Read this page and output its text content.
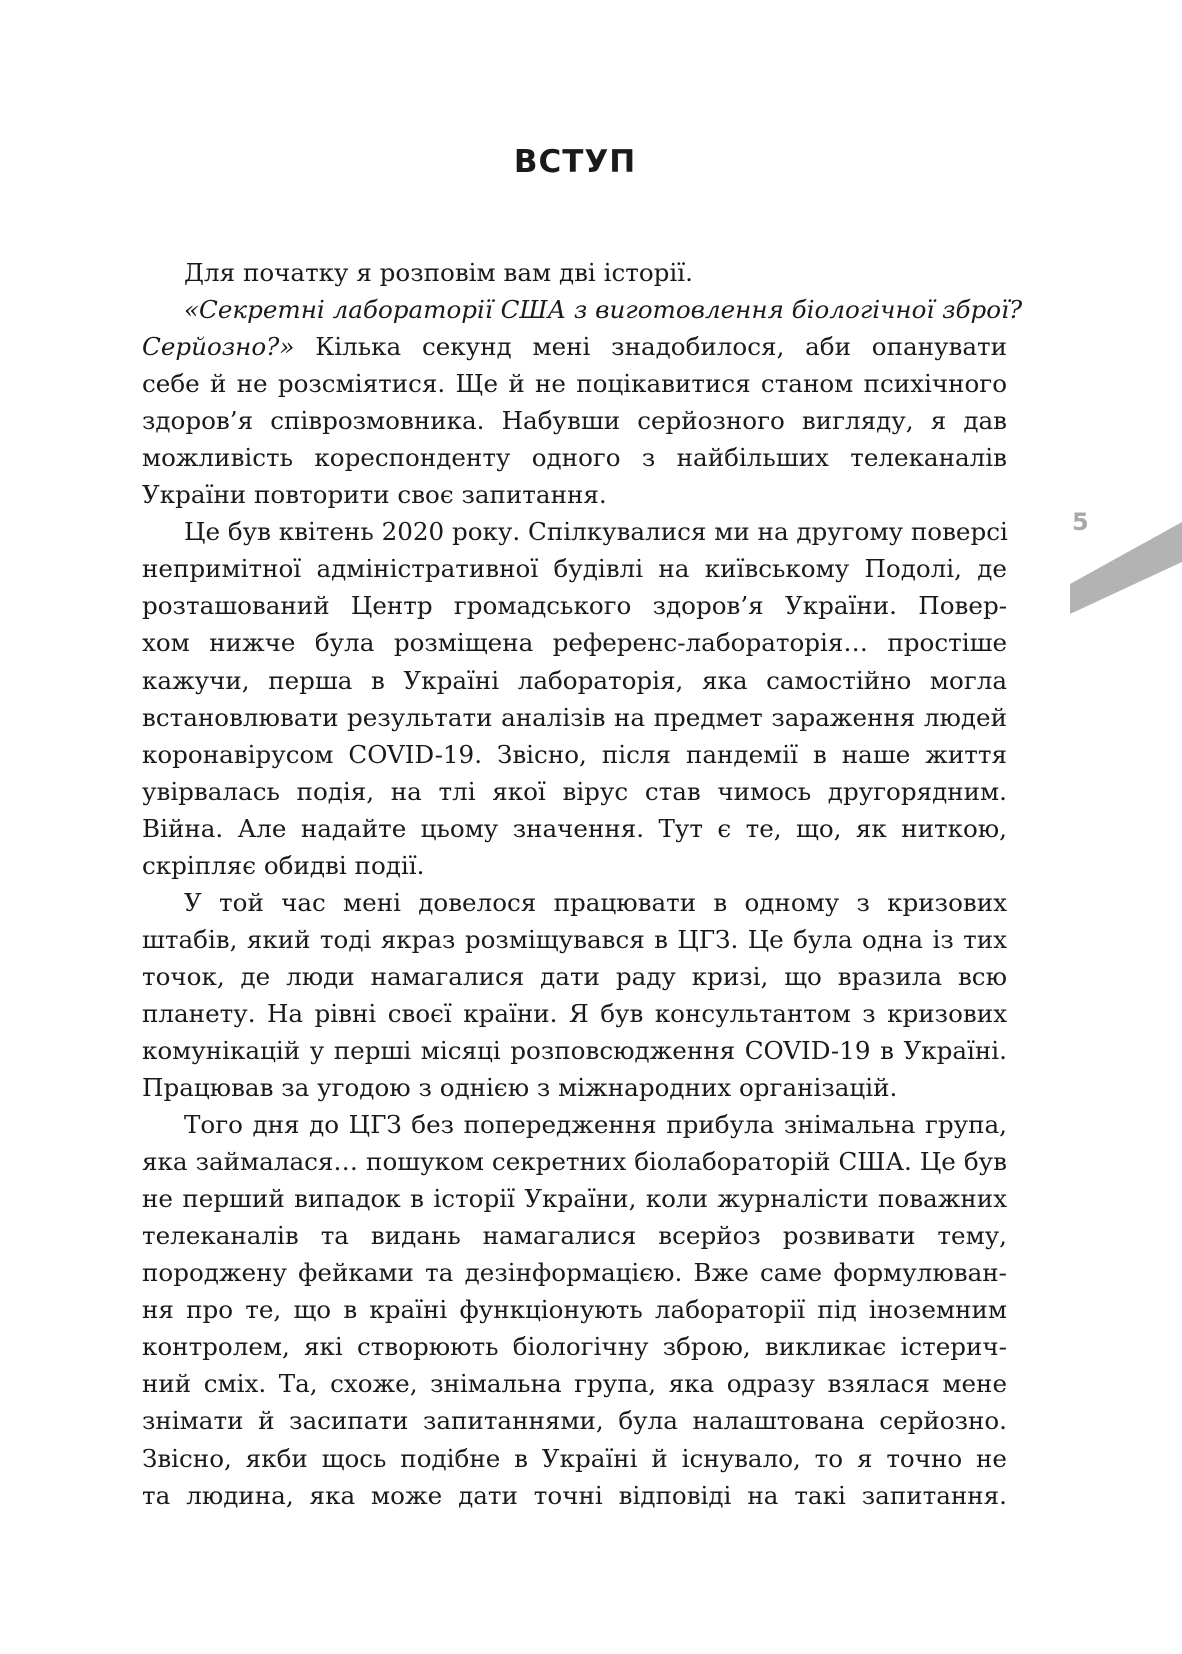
ВСТУП
Для початку я розповім вам дві історії.
«Секретні лабораторії США з виготовлення біологічної зброї?
Серйозно?» Кілька секунд мені знадобилося, аби опанувати
себе й не розсміятися. Ще й не поцікавитися станом психічного
здоров’я співрозмовника. Набувши серйозного вигляду, я дав
можливість кореспонденту одного з найбільших телеканалів
України повторити своє запитання.
Це був квітень 2020 року. Спілкувалися ми на другому поверсі
непримітної адміністративної будівлі на київському Подолі, де
розташований Центр громадського здоров’я України. Повер-
хом нижче була розміщена референс-лабораторія… простіше
кажучи, перша в Україні лабораторія, яка самостійно могла
встановлювати результати аналізів на предмет зараження людей
коронавірусом COVID-19. Звісно, після пандемії в наше життя
увірвалась подія, на тлі якої вірус став чимось другорядним.
Війна. Але надайте цьому значення. Тут є те, що, як ниткою,
скріпляє обидві події.
У той час мені довелося працювати в одному з кризових
штабів, який тоді якраз розміщувався в ЦГЗ. Це була одна із тих
точок, де люди намагалися дати раду кризі, що вразила всю
планету. На рівні своєї країни. Я був консультантом з кризових
комунікацій у перші місяці розповсюдження COVID-19 в Україні.
Працював за угодою з однією з міжнародних організацій.
Того дня до ЦГЗ без попередження прибула знімальна група,
яка займалася… пошуком секретних біолабораторій США. Це був
не перший випадок в історії України, коли журналісти поважних
телеканалів та видань намагалися всерйоз розвивати тему,
породжену фейками та дезінформацією. Вже саме формулюван-
ня про те, що в країні функціонують лабораторії під іноземним
контролем, які створюють біологічну зброю, викликає істерич-
ний сміх. Та, схоже, знімальна група, яка одразу взялася мене
знімати й засипати запитаннями, була налаштована серйозно.
Звісно, якби щось подібне в Україні й існувало, то я точно не
та людина, яка може дати точні відповіді на такі запитання.
5
